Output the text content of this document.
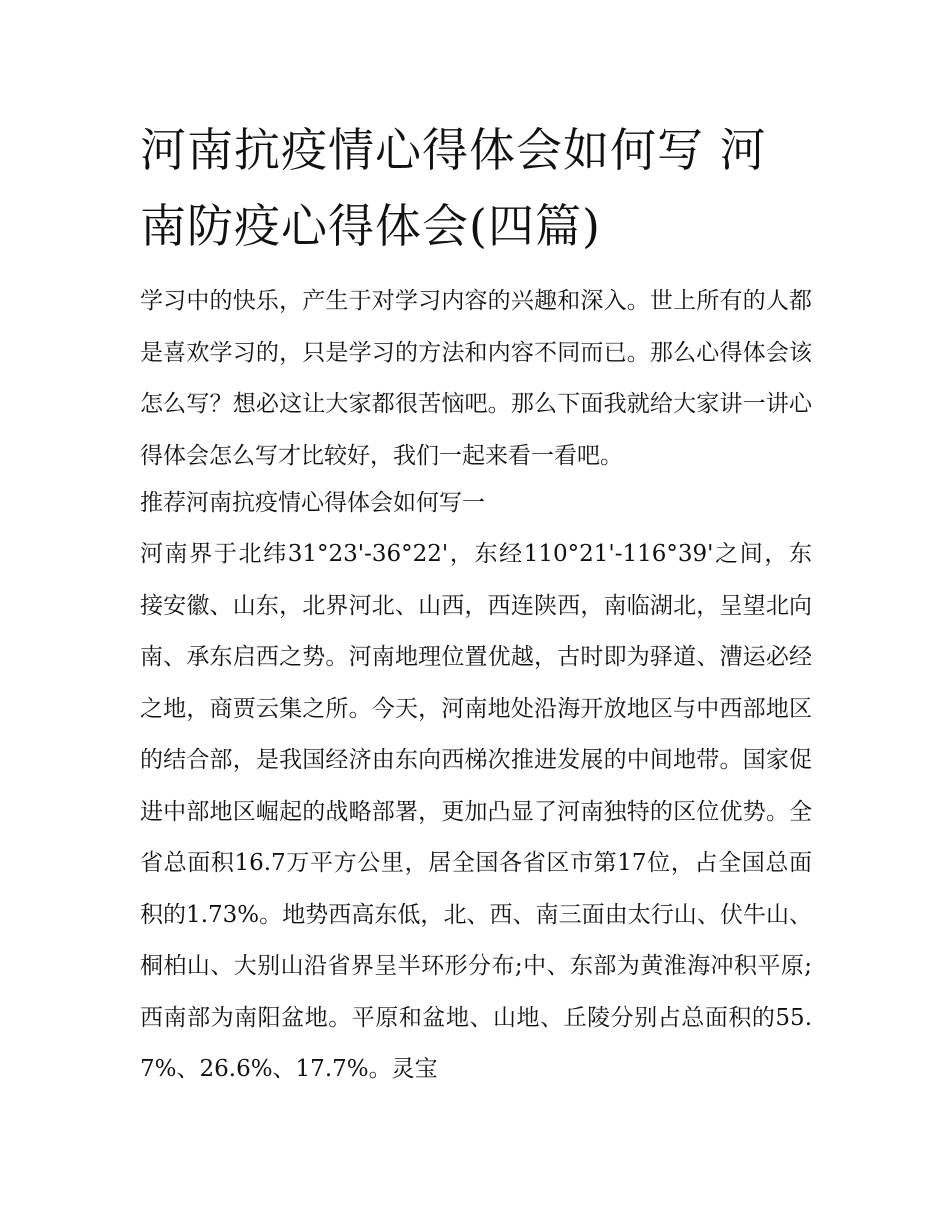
河南抗疫情心得体会如何写 河南防疫心得体会(四篇)

学习中的快乐，产生于对学习内容的兴趣和深入。世上所有的人都是喜欢学习的，只是学习的方法和内容不同而已。那么心得体会该怎么写？想必这让大家都很苦恼吧。那么下面我就给大家讲一讲心得体会怎么写才比较好，我们一起来看一看吧。

推荐河南抗疫情心得体会如何写一

河南界于北纬31°23'-36°22'，东经110°21'-116°39'之间，东接安徽、山东，北界河北、山西，西连陕西，南临湖北，呈望北向南、承东启西之势。河南地理位置优越，古时即为驿道、漕运必经之地，商贾云集之所。今天，河南地处沿海开放地区与中西部地区的结合部，是我国经济由东向西梯次推进发展的中间地带。国家促进中部地区崛起的战略部署，更加凸显了河南独特的区位优势。全省总面积16.7万平方公里，居全国各省区市第17位，占全国总面积的1.73%。地势西高东低，北、西、南三面由太行山、伏牛山、桐柏山、大别山沿省界呈半环形分布;中、东部为黄淮海冲积平原;西南部为南阳盆地。平原和盆地、山地、丘陵分别占总面积的55.7%、26.6%、17.7%。灵宝
